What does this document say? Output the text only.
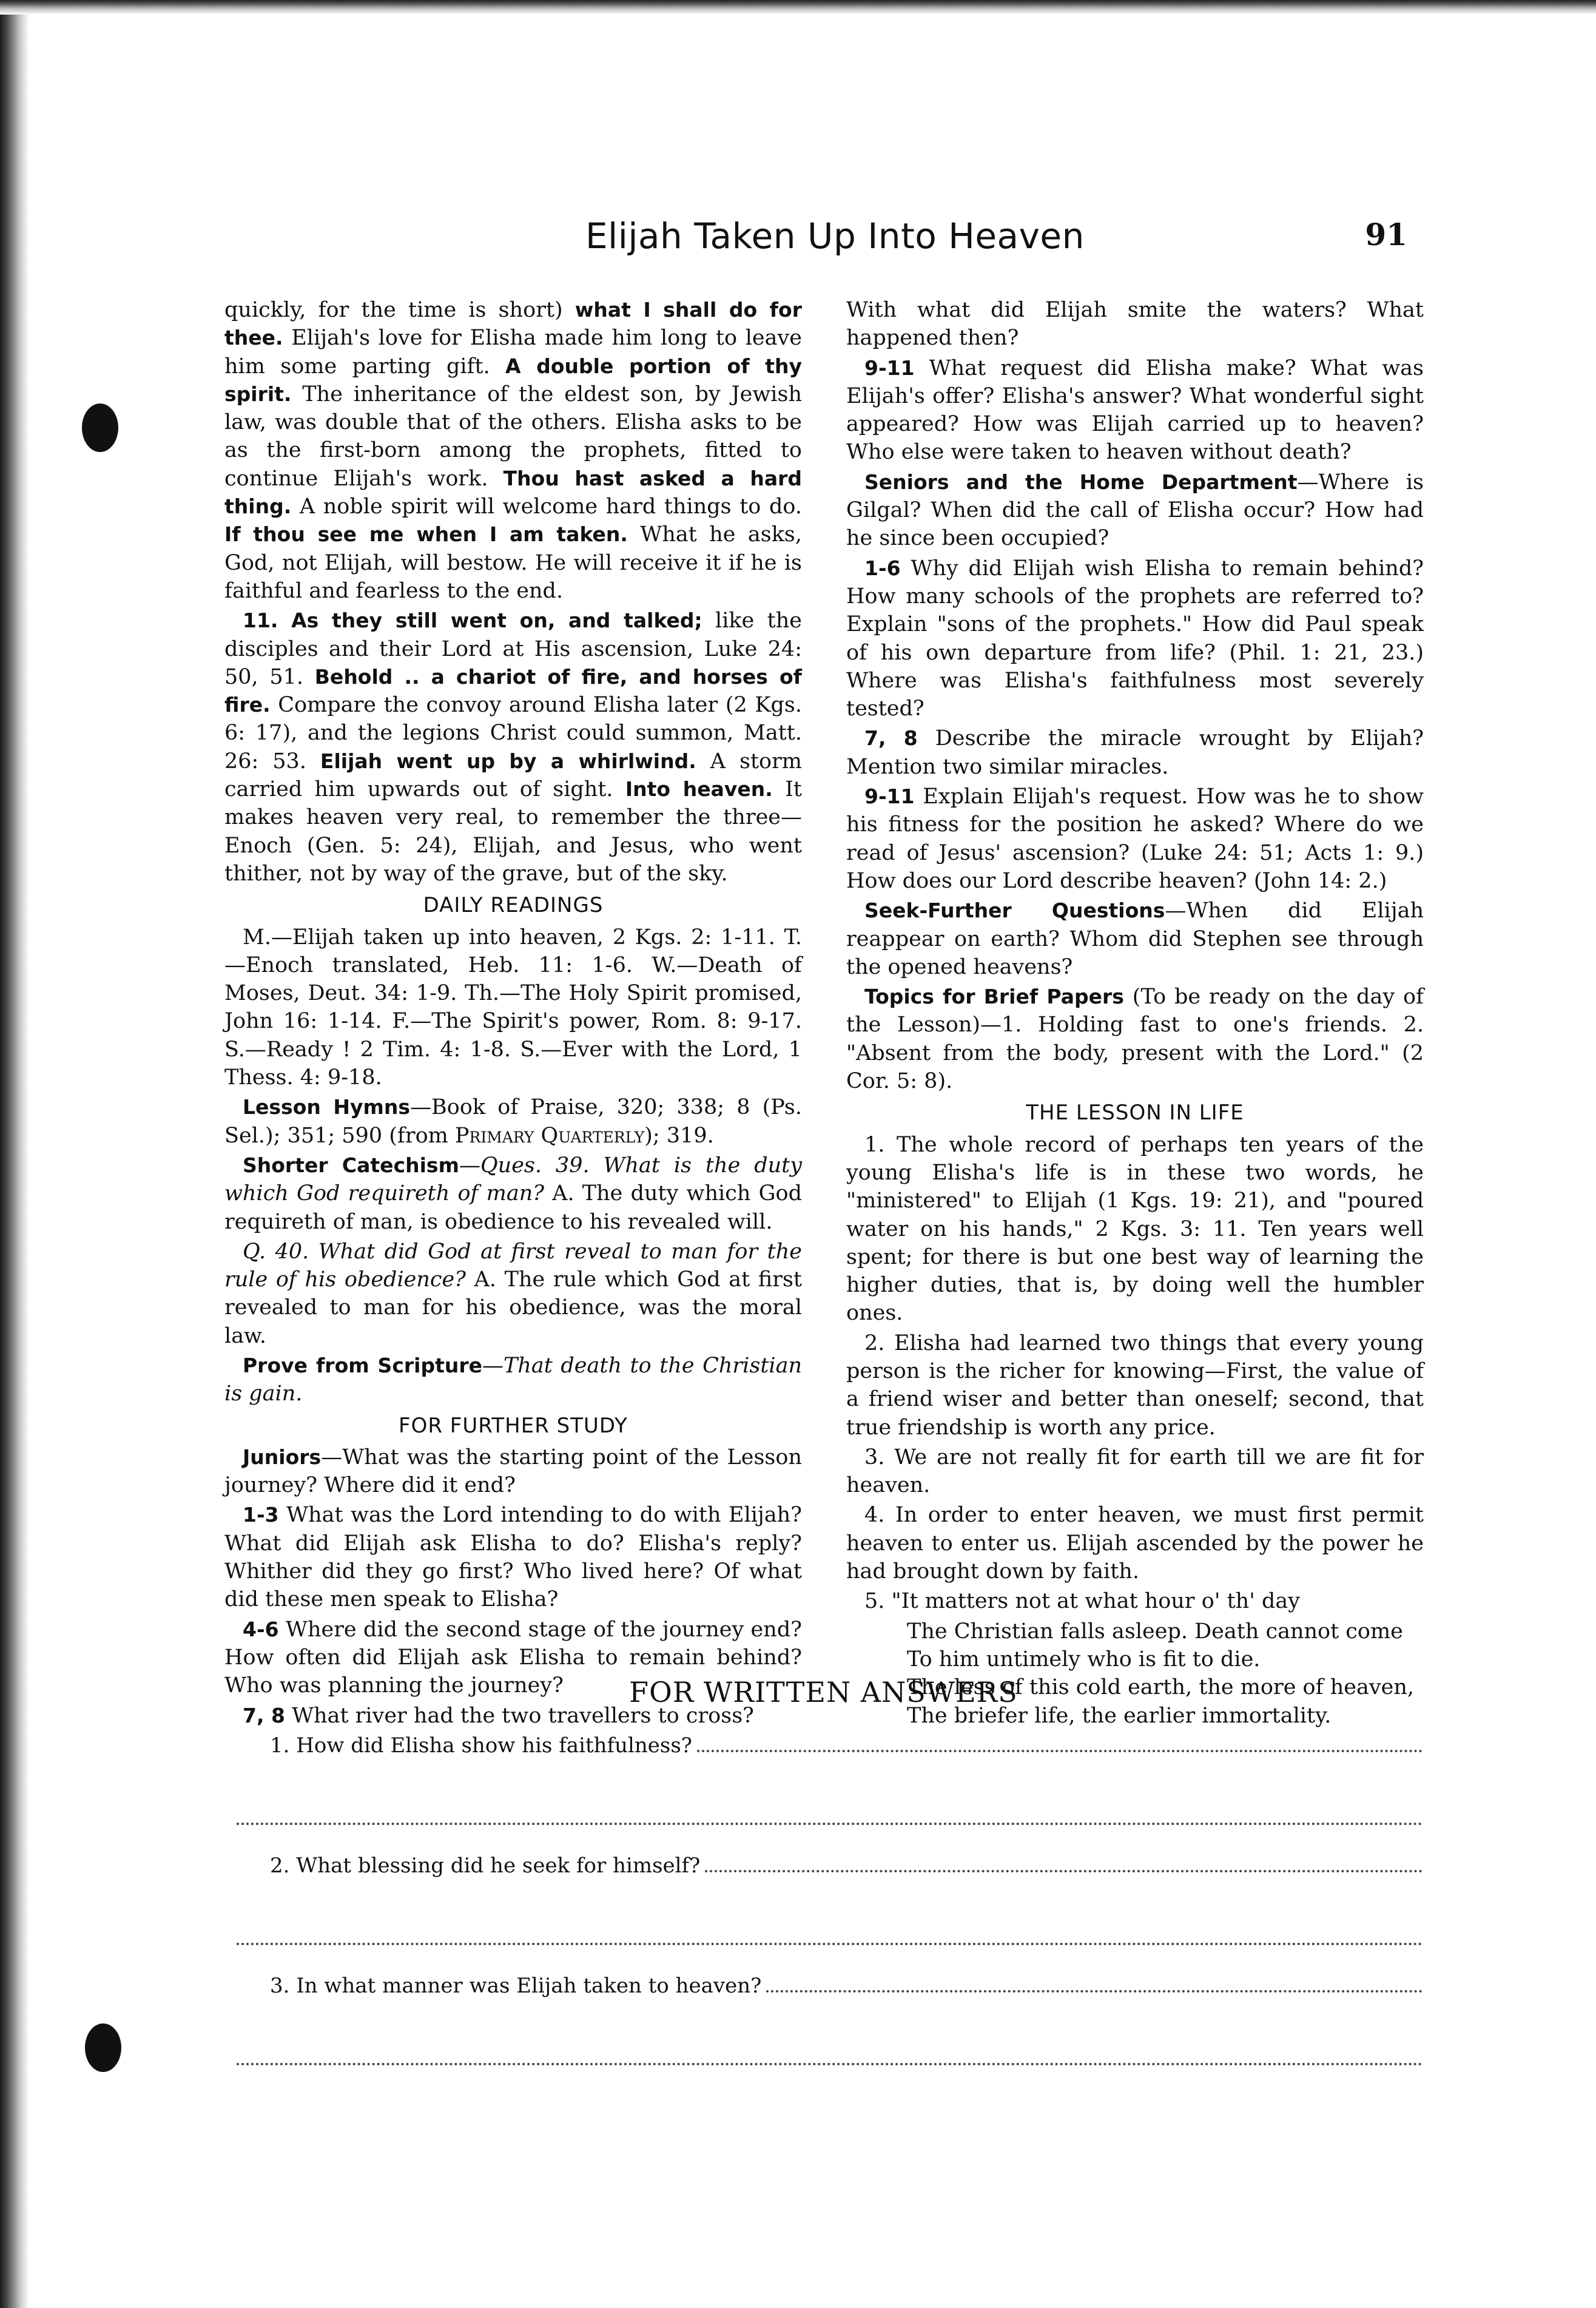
Elijah Taken Up Into Heaven	91

quickly, for the time is short) what I shall do for thee. Elijah's love for Elisha made him long to leave him some parting gift. A double portion of thy spirit. The inheritance of the eldest son, by Jewish law, was double that of the others. Elisha asks to be as the first-born among the prophets, fitted to continue Elijah's work. Thou hast asked a hard thing. A noble spirit will welcome hard things to do. If thou see me when I am taken. What he asks, God, not Elijah, will bestow. He will receive it if he is faithful and fearless to the end.

11. As they still went on, and talked; like the disciples and their Lord at His ascension, Luke 24: 50, 51. Behold .. a chariot of fire, and horses of fire. Compare the convoy around Elisha later (2 Kgs. 6: 17), and the legions Christ could summon, Matt. 26: 53. Elijah went up by a whirlwind. A storm carried him upwards out of sight. Into heaven. It makes heaven very real, to remember the three—Enoch (Gen. 5: 24), Elijah, and Jesus, who went thither, not by way of the grave, but of the sky.

DAILY READINGS

M.—Elijah taken up into heaven, 2 Kgs. 2: 1-11. T.—Enoch translated, Heb. 11: 1-6. W.—Death of Moses, Deut. 34: 1-9. Th.—The Holy Spirit promised, John 16: 1-14. F.—The Spirit's power, Rom. 8: 9-17. S.—Ready ! 2 Tim. 4: 1-8. S.—Ever with the Lord, 1 Thess. 4: 9-18.

Lesson Hymns—Book of Praise, 320; 338; 8 (Ps. Sel.); 351; 590 (from Primary Quarterly); 319.

Shorter Catechism—Ques. 39. What is the duty which God requireth of man? A. The duty which God requireth of man, is obedience to his revealed will.

Q. 40. What did God at first reveal to man for the rule of his obedience? A. The rule which God at first revealed to man for his obedience, was the moral law.

Prove from Scripture—That death to the Christian is gain.

FOR FURTHER STUDY

Juniors—What was the starting point of the Lesson journey? Where did it end?

1-3 What was the Lord intending to do with Elijah? What did Elijah ask Elisha to do? Elisha's reply? Whither did they go first? Who lived here? Of what did these men speak to Elisha?

4-6 Where did the second stage of the journey end? How often did Elijah ask Elisha to remain behind? Who was planning the journey?

7, 8 What river had the two travellers to cross?

With what did Elijah smite the waters? What happened then?

9-11 What request did Elisha make? What was Elijah's offer? Elisha's answer? What wonderful sight appeared? How was Elijah carried up to heaven? Who else were taken to heaven without death?

Seniors and the Home Department—Where is Gilgal? When did the call of Elisha occur? How had he since been occupied?

1-6 Why did Elijah wish Elisha to remain behind? How many schools of the prophets are referred to? Explain "sons of the prophets." How did Paul speak of his own departure from life? (Phil. 1: 21, 23.) Where was Elisha's faithfulness most severely tested?

7, 8 Describe the miracle wrought by Elijah? Mention two similar miracles.

9-11 Explain Elijah's request. How was he to show his fitness for the position he asked? Where do we read of Jesus' ascension? (Luke 24: 51; Acts 1: 9.) How does our Lord describe heaven? (John 14: 2.)

Seek-Further Questions—When did Elijah reappear on earth? Whom did Stephen see through the opened heavens?

Topics for Brief Papers (To be ready on the day of the Lesson)—1. Holding fast to one's friends. 2. "Absent from the body, present with the Lord." (2 Cor. 5: 8).

THE LESSON IN LIFE

1. The whole record of perhaps ten years of the young Elisha's life is in these two words, he "ministered" to Elijah (1 Kgs. 19: 21), and "poured water on his hands," 2 Kgs. 3: 11. Ten years well spent; for there is but one best way of learning the higher duties, that is, by doing well the humbler ones.

2. Elisha had learned two things that every young person is the richer for knowing—First, the value of a friend wiser and better than oneself; second, that true friendship is worth any price.

3. We are not really fit for earth till we are fit for heaven.

4. In order to enter heaven, we must first permit heaven to enter us. Elijah ascended by the power he had brought down by faith.

5. "It matters not at what hour o' th' day

The Christian falls asleep. Death cannot come
To him untimely who is fit to die.
The less of this cold earth, the more of heaven,
The briefer life, the earlier immortality.
FOR WRITTEN ANSWERS
1. How did Elisha show his faithfulness?
2. What blessing did he seek for himself?
3. In what manner was Elijah taken to heaven?
